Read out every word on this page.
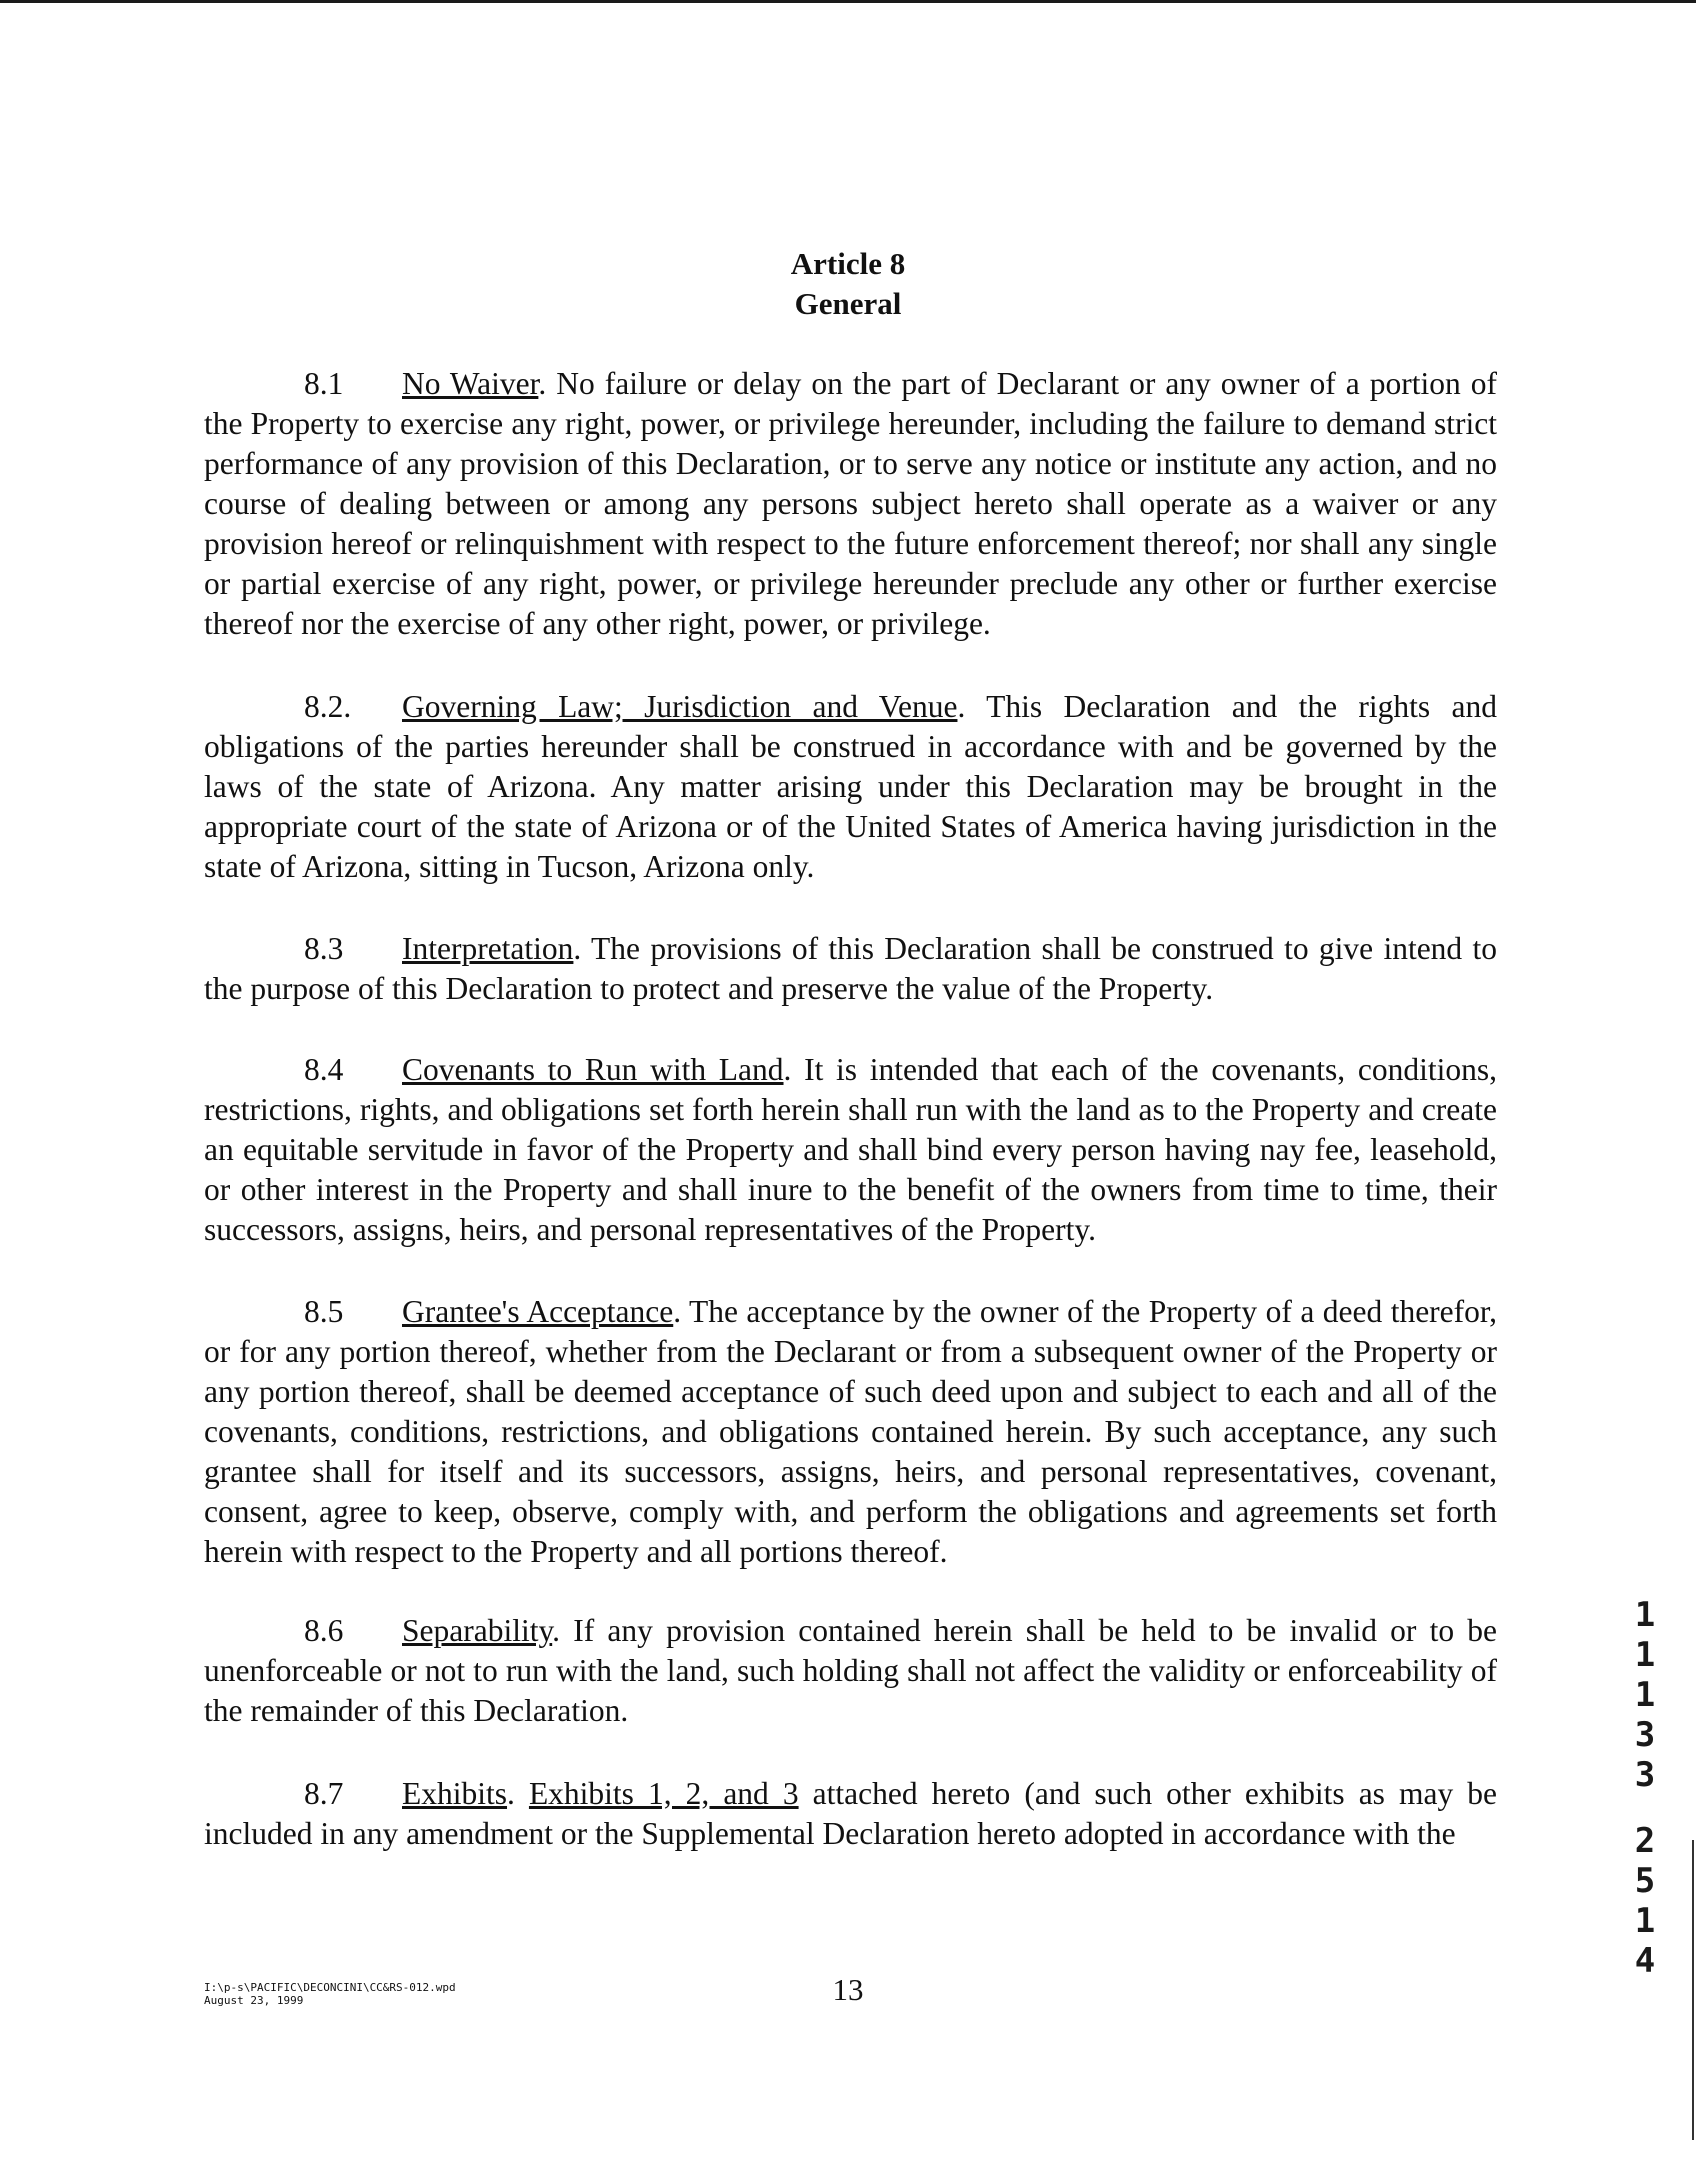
Article 8
General

8.1 No Waiver. No failure or delay on the part of Declarant or any owner of a portion of the Property to exercise any right, power, or privilege hereunder, including the failure to demand strict performance of any provision of this Declaration, or to serve any notice or institute any action, and no course of dealing between or among any persons subject hereto shall operate as a waiver or any provision hereof or relinquishment with respect to the future enforcement thereof; nor shall any single or partial exercise of any right, power, or privilege hereunder preclude any other or further exercise thereof nor the exercise of any other right, power, or privilege.

8.2. Governing Law; Jurisdiction and Venue. This Declaration and the rights and obligations of the parties hereunder shall be construed in accordance with and be governed by the laws of the state of Arizona. Any matter arising under this Declaration may be brought in the appropriate court of the state of Arizona or of the United States of America having jurisdiction in the state of Arizona, sitting in Tucson, Arizona only.

8.3 Interpretation. The provisions of this Declaration shall be construed to give intend to the purpose of this Declaration to protect and preserve the value of the Property.

8.4 Covenants to Run with Land. It is intended that each of the covenants, conditions, restrictions, rights, and obligations set forth herein shall run with the land as to the Property and create an equitable servitude in favor of the Property and shall bind every person having nay fee, leasehold, or other interest in the Property and shall inure to the benefit of the owners from time to time, their successors, assigns, heirs, and personal representatives of the Property.

8.5 Grantee's Acceptance. The acceptance by the owner of the Property of a deed therefor, or for any portion thereof, whether from the Declarant or from a subsequent owner of the Property or any portion thereof, shall be deemed acceptance of such deed upon and subject to each and all of the covenants, conditions, restrictions, and obligations contained herein. By such acceptance, any such grantee shall for itself and its successors, assigns, heirs, and personal representatives, covenant, consent, agree to keep, observe, comply with, and perform the obligations and agreements set forth herein with respect to the Property and all portions thereof.

8.6 Separability. If any provision contained herein shall be held to be invalid or to be unenforceable or not to run with the land, such holding shall not affect the validity or enforceability of the remainder of this Declaration.

8.7 Exhibits. Exhibits 1, 2, and 3 attached hereto (and such other exhibits as may be included in any amendment or the Supplemental Declaration hereto adopted in accordance with the

I:\p-s\PACIFIC\DECONCINI\CC&RS-012.wpd
August 23, 1999	13
1
1
1
3
3
2
5
1
4
